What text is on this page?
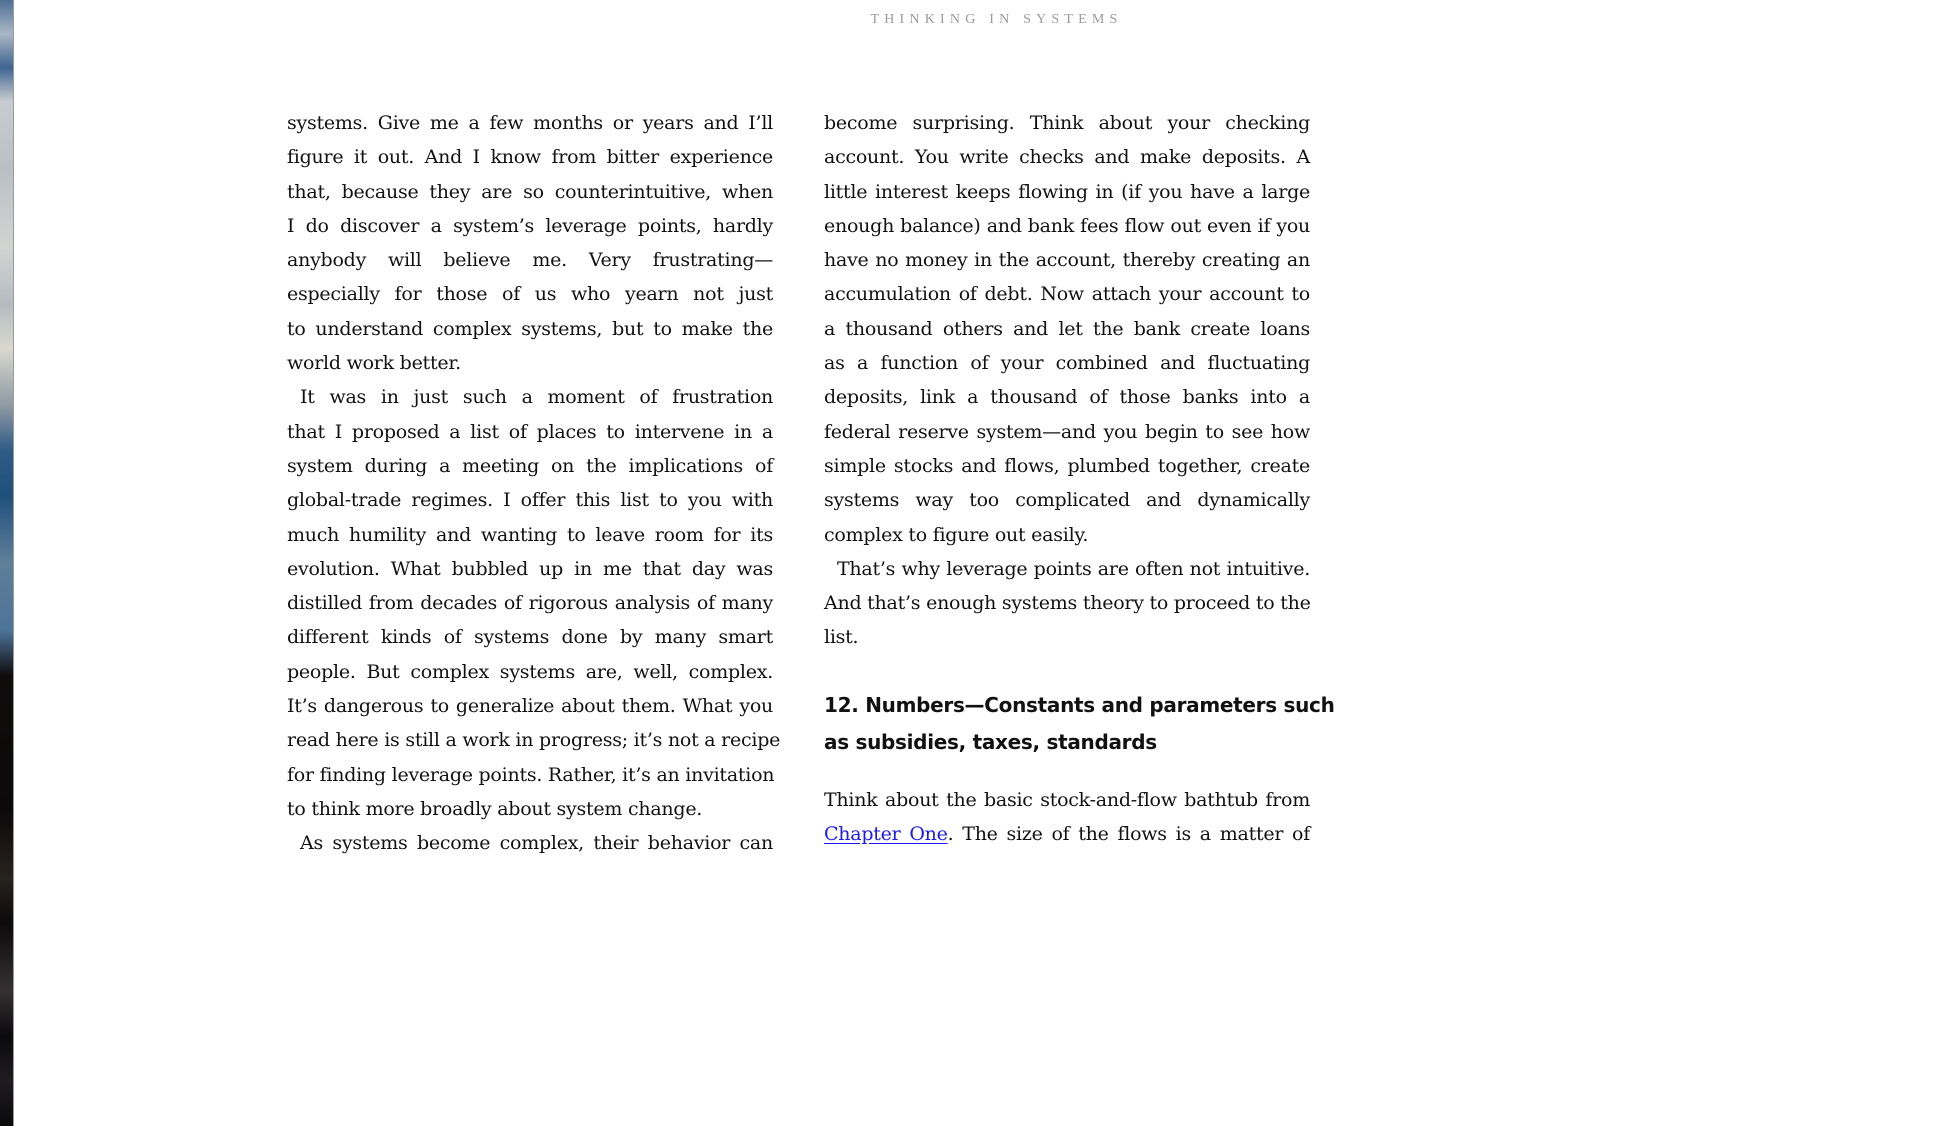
THINKING IN SYSTEMS
systems. Give me a few months or years and I’ll
figure it out. And I know from bitter experience
that, because they are so counterintuitive, when
I do discover a system’s leverage points, hardly
anybody will believe me. Very frustrating—
especially for those of us who yearn not just
to understand complex systems, but to make the
world work better.
It was in just such a moment of frustration
that I proposed a list of places to intervene in a
system during a meeting on the implications of
global-trade regimes. I offer this list to you with
much humility and wanting to leave room for its
evolution. What bubbled up in me that day was
distilled from decades of rigorous analysis of many
different kinds of systems done by many smart
people. But complex systems are, well, complex.
It’s dangerous to generalize about them. What you
read here is still a work in progress; it’s not a recipe
for finding leverage points. Rather, it’s an invitation
to think more broadly about system change.
As systems become complex, their behavior can
become surprising. Think about your checking
account. You write checks and make deposits. A
little interest keeps flowing in (if you have a large
enough balance) and bank fees flow out even if you
have no money in the account, thereby creating an
accumulation of debt. Now attach your account to
a thousand others and let the bank create loans
as a function of your combined and fluctuating
deposits, link a thousand of those banks into a
federal reserve system—and you begin to see how
simple stocks and flows, plumbed together, create
systems way too complicated and dynamically
complex to figure out easily.
That’s why leverage points are often not intuitive.
And that’s enough systems theory to proceed to the
list.
12. Numbers—Constants and parameters such
as subsidies, taxes, standards
Think about the basic stock-and-flow bathtub from
Chapter One. The size of the flows is a matter of
